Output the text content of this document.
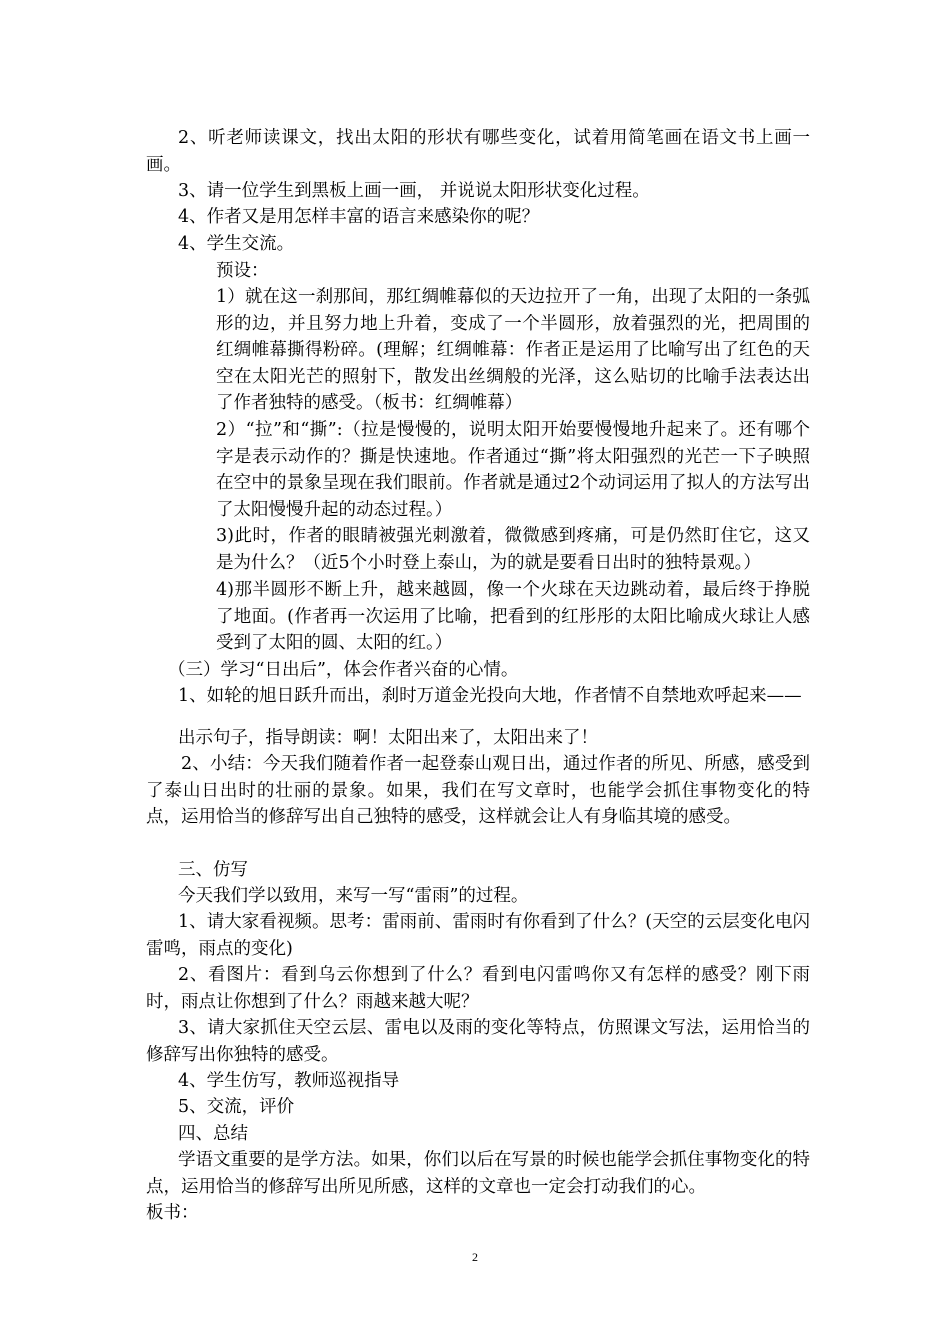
2、听老师读课文，找出太阳的形状有哪些变化，试着用简笔画在语文书上画一画。

3、请一位学生到黑板上画一画， 并说说太阳形状变化过程。

4、作者又是用怎样丰富的语言来感染你的呢？

4、学生交流。

预设：

1）就在这一刹那间，那红绸帷幕似的天边拉开了一角，出现了太阳的一条弧形的边，并且努力地上升着，变成了一个半圆形，放着强烈的光，把周围的红绸帷幕撕得粉碎。(理解；红绸帷幕：作者正是运用了比喻写出了红色的天空在太阳光芒的照射下，散发出丝绸般的光泽，这么贴切的比喻手法表达出了作者独特的感受。（板书：红绸帷幕）

2）“拉”和“撕”:（拉是慢慢的，说明太阳开始要慢慢地升起来了。还有哪个字是表示动作的？撕是快速地。作者通过“撕”将太阳强烈的光芒一下子映照在空中的景象呈现在我们眼前。作者就是通过2个动词运用了拟人的方法写出了太阳慢慢升起的动态过程。）

3)此时，作者的眼睛被强光刺激着，微微感到疼痛，可是仍然盯住它，这又是为什么？（近5个小时登上泰山，为的就是要看日出时的独特景观。）

4)那半圆形不断上升，越来越圆，像一个火球在天边跳动着，最后终于挣脱了地面。(作者再一次运用了比喻，把看到的红彤彤的太阳比喻成火球让人感受到了太阳的圆、太阳的红。）

（三）学习“日出后”，体会作者兴奋的心情。

1、如轮的旭日跃升而出，刹时万道金光投向大地，作者情不自禁地欢呼起来——

出示句子，指导朗读：啊！太阳出来了，太阳出来了！

2、小结：今天我们随着作者一起登泰山观日出，通过作者的所见、所感，感受到了泰山日出时的壮丽的景象。如果，我们在写文章时，也能学会抓住事物变化的特点，运用恰当的修辞写出自己独特的感受，这样就会让人有身临其境的感受。

三、仿写

今天我们学以致用，来写一写“雷雨”的过程。

1、请大家看视频。思考：雷雨前、雷雨时有你看到了什么？(天空的云层变化电闪雷鸣，雨点的变化)

2、看图片：看到乌云你想到了什么？看到电闪雷鸣你又有怎样的感受？刚下雨时，雨点让你想到了什么？雨越来越大呢？

3、请大家抓住天空云层、雷电以及雨的变化等特点，仿照课文写法，运用恰当的修辞写出你独特的感受。

4、学生仿写，教师巡视指导

5、交流，评价

四、总结

学语文重要的是学方法。如果，你们以后在写景的时候也能学会抓住事物变化的特点，运用恰当的修辞写出所见所感，这样的文章也一定会打动我们的心。

板书：

2
